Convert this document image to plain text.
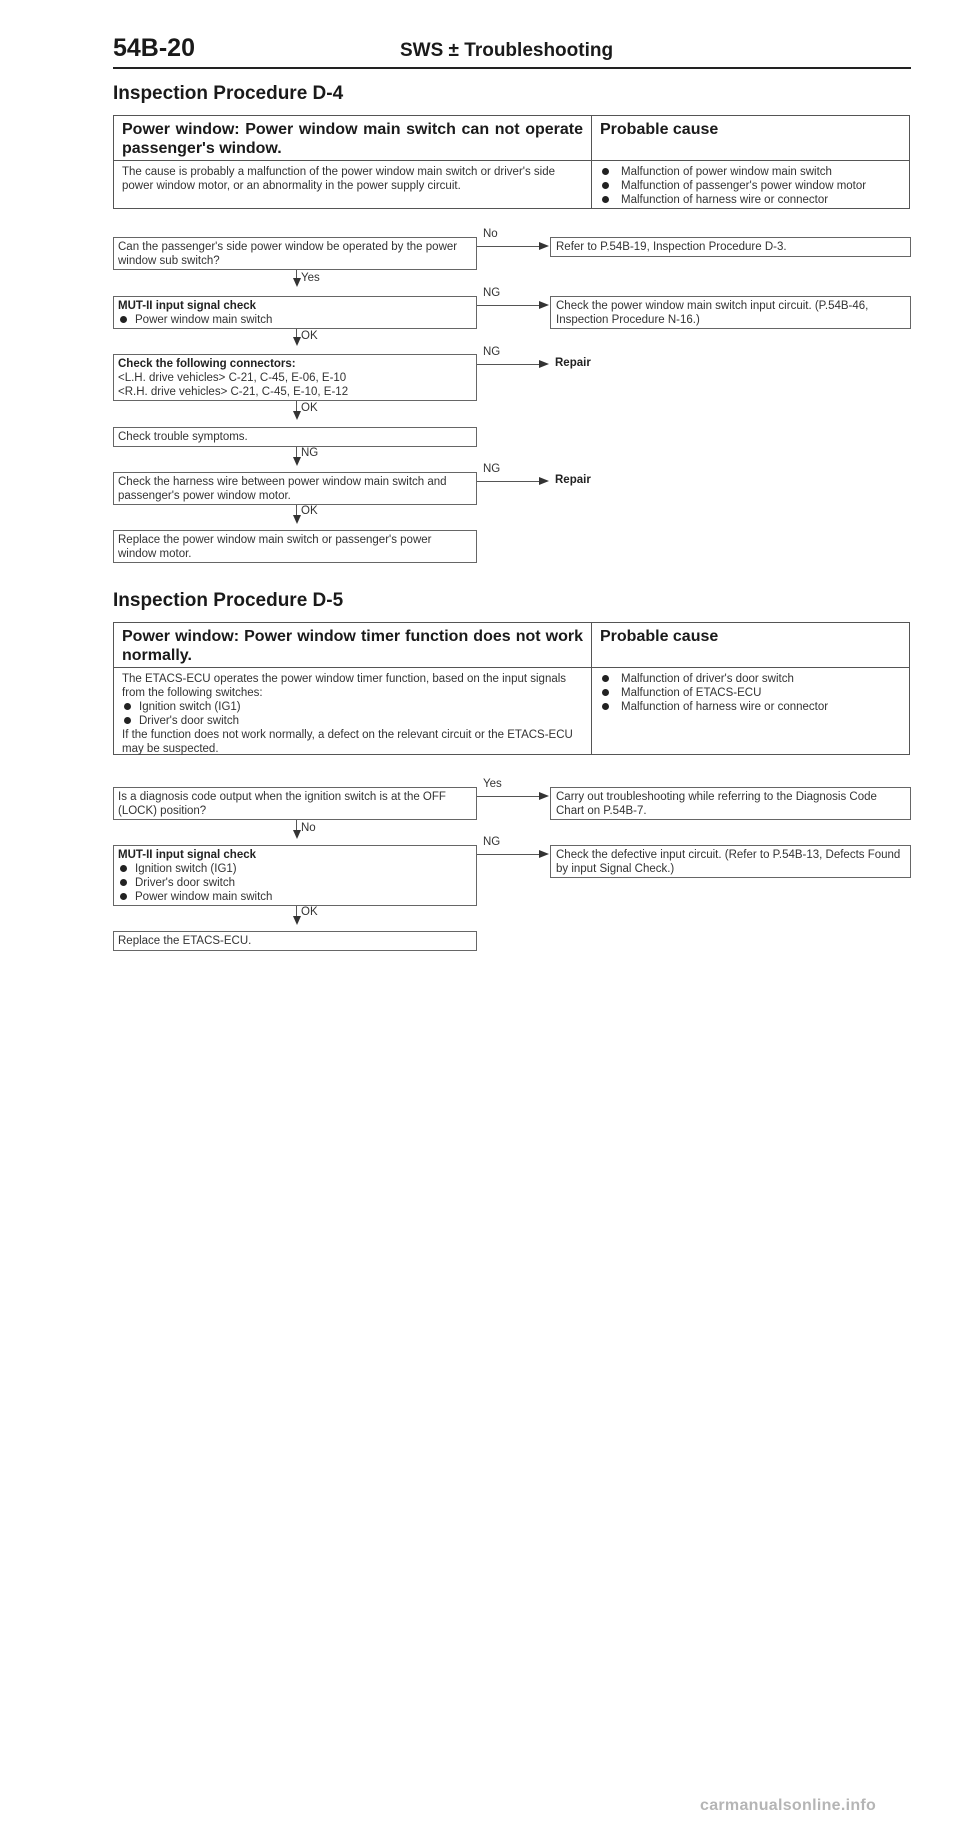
54B-20	SWS ± Troubleshooting
Inspection Procedure D-4
Power window: Power window main switch can not operate passenger's window.
Probable cause
The cause is probably a malfunction of the power window main switch or driver's side power window motor, or an abnormality in the power supply circuit.
Malfunction of power window main switch
Malfunction of passenger's power window motor
Malfunction of harness wire or connector
Can the passenger's side power window be operated by the power window sub switch?
No
Refer to P.54B-19, Inspection Procedure D-3.
Yes
MUT-II input signal check
Power window main switch
NG
Check the power window main switch input circuit. (P.54B-46, Inspection Procedure N-16.)
OK
Check the following connectors:
<L.H. drive vehicles> C-21, C-45, E-06, E-10
<R.H. drive vehicles> C-21, C-45, E-10, E-12
NG
Repair
OK
Check trouble symptoms.
NG
Check the harness wire between power window main switch and passenger's power window motor.
NG
Repair
OK
Replace the power window main switch or passenger's power window motor.
Inspection Procedure D-5
Power window: Power window timer function does not work normally.
Probable cause
The ETACS-ECU operates the power window timer function, based on the input signals from the following switches:
Ignition switch (IG1)
Driver's door switch
If the function does not work normally, a defect on the relevant circuit or the ETACS-ECU may be suspected.
Malfunction of driver's door switch
Malfunction of ETACS-ECU
Malfunction of harness wire or connector
Is a diagnosis code output when the ignition switch is at the OFF (LOCK) position?
Yes
Carry out troubleshooting while referring to the Diagnosis Code Chart on P.54B-7.
No
MUT-II input signal check
Ignition switch (IG1)
Driver's door switch
Power window main switch
NG
Check the defective input circuit. (Refer to P.54B-13, Defects Found by input Signal Check.)
OK
Replace the ETACS-ECU.
carmanualsonline.info
